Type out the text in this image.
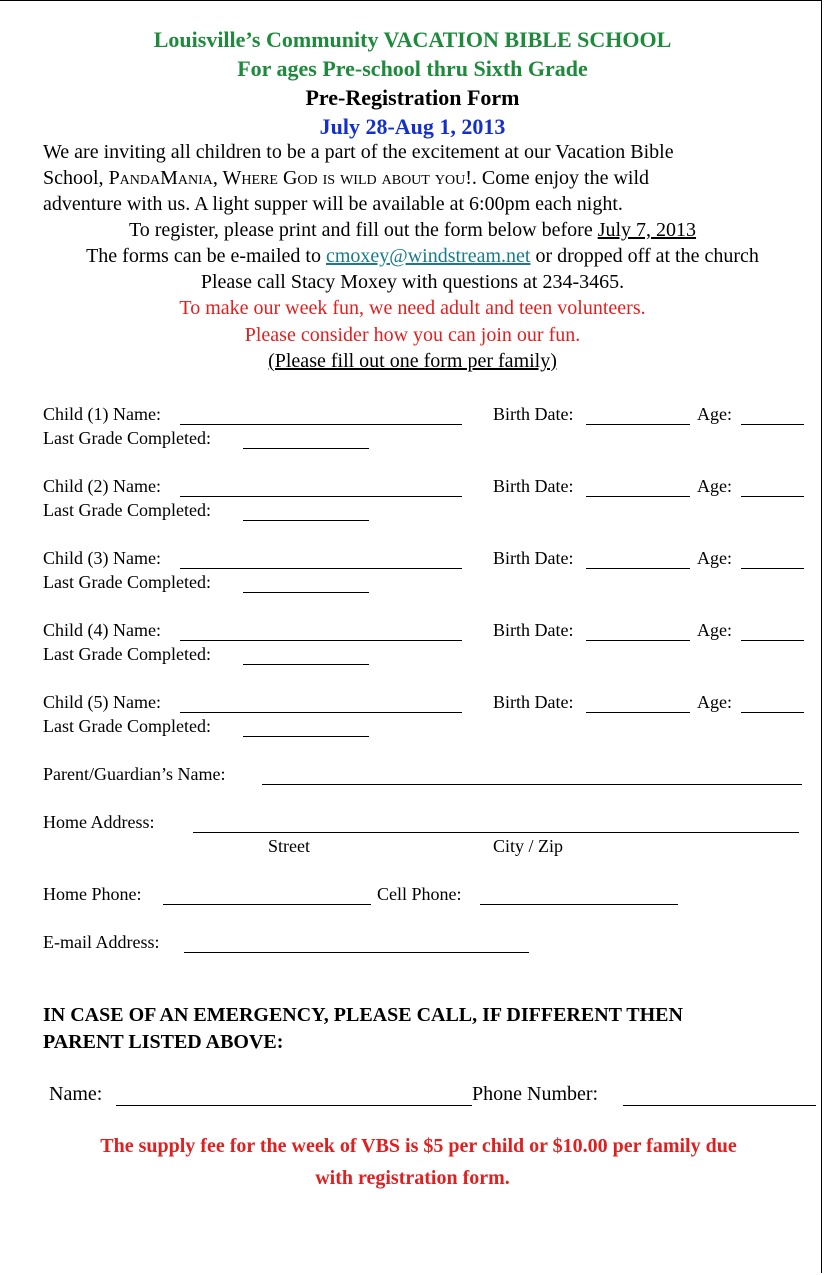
Louisville’s Community VACATION BIBLE SCHOOL
For ages Pre-school thru Sixth Grade
Pre-Registration Form
July 28-Aug 1, 2013
We are inviting all children to be a part of the excitement at our Vacation Bible
School, PandaMania, Where God is wild about you!. Come enjoy the wild
adventure with us. A light supper will be available at 6:00pm each night.
To register, please print and fill out the form below before July 7, 2013
The forms can be e-mailed to cmoxey@windstream.net or dropped off at the church
Please call Stacy Moxey with questions at 234-3465.
To make our week fun, we need adult and teen volunteers.
Please consider how you can join our fun.
(Please fill out one form per family)
Child (1) Name:	Birth Date:	Age:
Last Grade Completed:
Child (2) Name:	Birth Date:	Age:
Last Grade Completed:
Child (3) Name:	Birth Date:	Age:
Last Grade Completed:
Child (4) Name:	Birth Date:	Age:
Last Grade Completed:
Child (5) Name:	Birth Date:	Age:
Last Grade Completed:
Parent/Guardian’s Name:
Home Address:
Street	City / Zip
Home Phone:	Cell Phone:
E-mail Address:
IN CASE OF AN EMERGENCY, PLEASE CALL, IF DIFFERENT THEN
PARENT LISTED ABOVE:
Name:	Phone Number:
The supply fee for the week of VBS is $5 per child or $10.00 per family due
with registration form.
